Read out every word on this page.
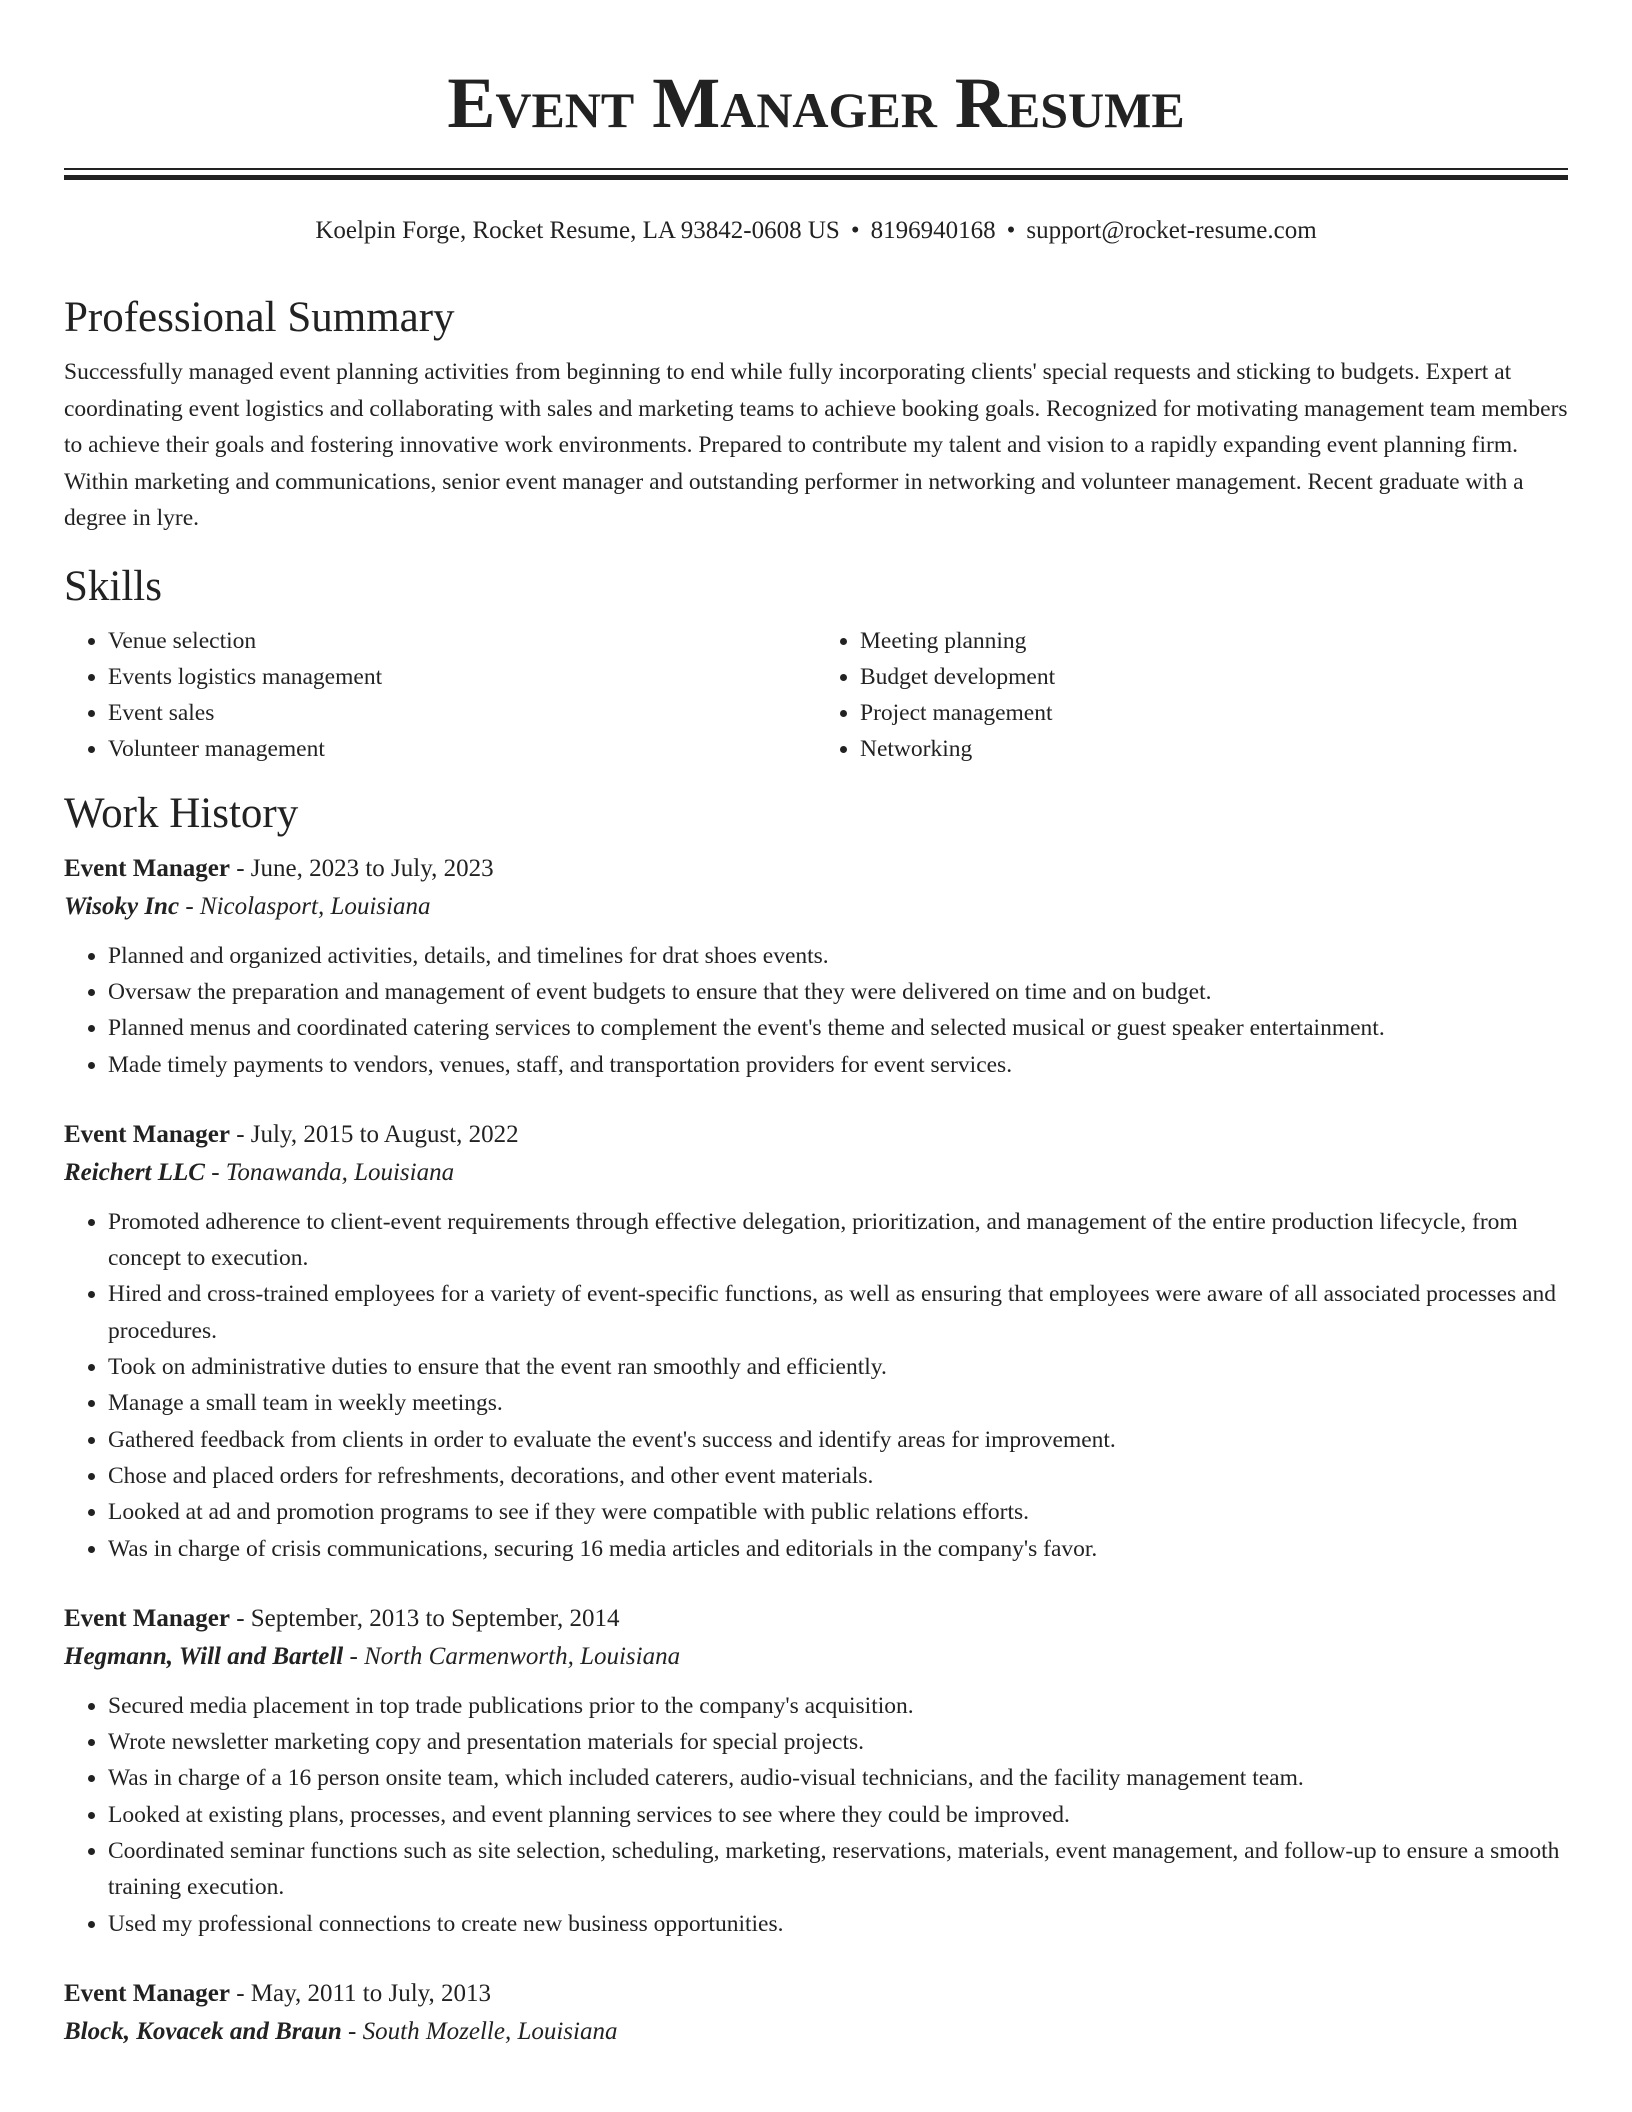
Event Manager Resume
Koelpin Forge, Rocket Resume, LA 93842-0608 US • 8196940168 • support@rocket-resume.com
Professional Summary

Successfully managed event planning activities from beginning to end while fully incorporating clients' special requests and sticking to budgets. Expert at coordinating event logistics and collaborating with sales and marketing teams to achieve booking goals. Recognized for motivating management team members to achieve their goals and fostering innovative work environments. Prepared to contribute my talent and vision to a rapidly expanding event planning firm. Within marketing and communications, senior event manager and outstanding performer in networking and volunteer management. Recent graduate with a degree in lyre.

Skills
• Venue selection
• Events logistics management
• Event sales
• Volunteer management
• Meeting planning
• Budget development
• Project management
• Networking
Work History
Event Manager - June, 2023 to July, 2023
Wisoky Inc - Nicolasport, Louisiana
• Planned and organized activities, details, and timelines for drat shoes events.
• Oversaw the preparation and management of event budgets to ensure that they were delivered on time and on budget.
• Planned menus and coordinated catering services to complement the event's theme and selected musical or guest speaker entertainment.
• Made timely payments to vendors, venues, staff, and transportation providers for event services.
Event Manager - July, 2015 to August, 2022
Reichert LLC - Tonawanda, Louisiana
• Promoted adherence to client-event requirements through effective delegation, prioritization, and management of the entire production lifecycle, from concept to execution.
• Hired and cross-trained employees for a variety of event-specific functions, as well as ensuring that employees were aware of all associated processes and procedures.
• Took on administrative duties to ensure that the event ran smoothly and efficiently.
• Manage a small team in weekly meetings.
• Gathered feedback from clients in order to evaluate the event's success and identify areas for improvement.
• Chose and placed orders for refreshments, decorations, and other event materials.
• Looked at ad and promotion programs to see if they were compatible with public relations efforts.
• Was in charge of crisis communications, securing 16 media articles and editorials in the company's favor.
Event Manager - September, 2013 to September, 2014
Hegmann, Will and Bartell - North Carmenworth, Louisiana
• Secured media placement in top trade publications prior to the company's acquisition.
• Wrote newsletter marketing copy and presentation materials for special projects.
• Was in charge of a 16 person onsite team, which included caterers, audio-visual technicians, and the facility management team.
• Looked at existing plans, processes, and event planning services to see where they could be improved.
• Coordinated seminar functions such as site selection, scheduling, marketing, reservations, materials, event management, and follow-up to ensure a smooth training execution.
• Used my professional connections to create new business opportunities.
Event Manager - May, 2011 to July, 2013
Block, Kovacek and Braun - South Mozelle, Louisiana
